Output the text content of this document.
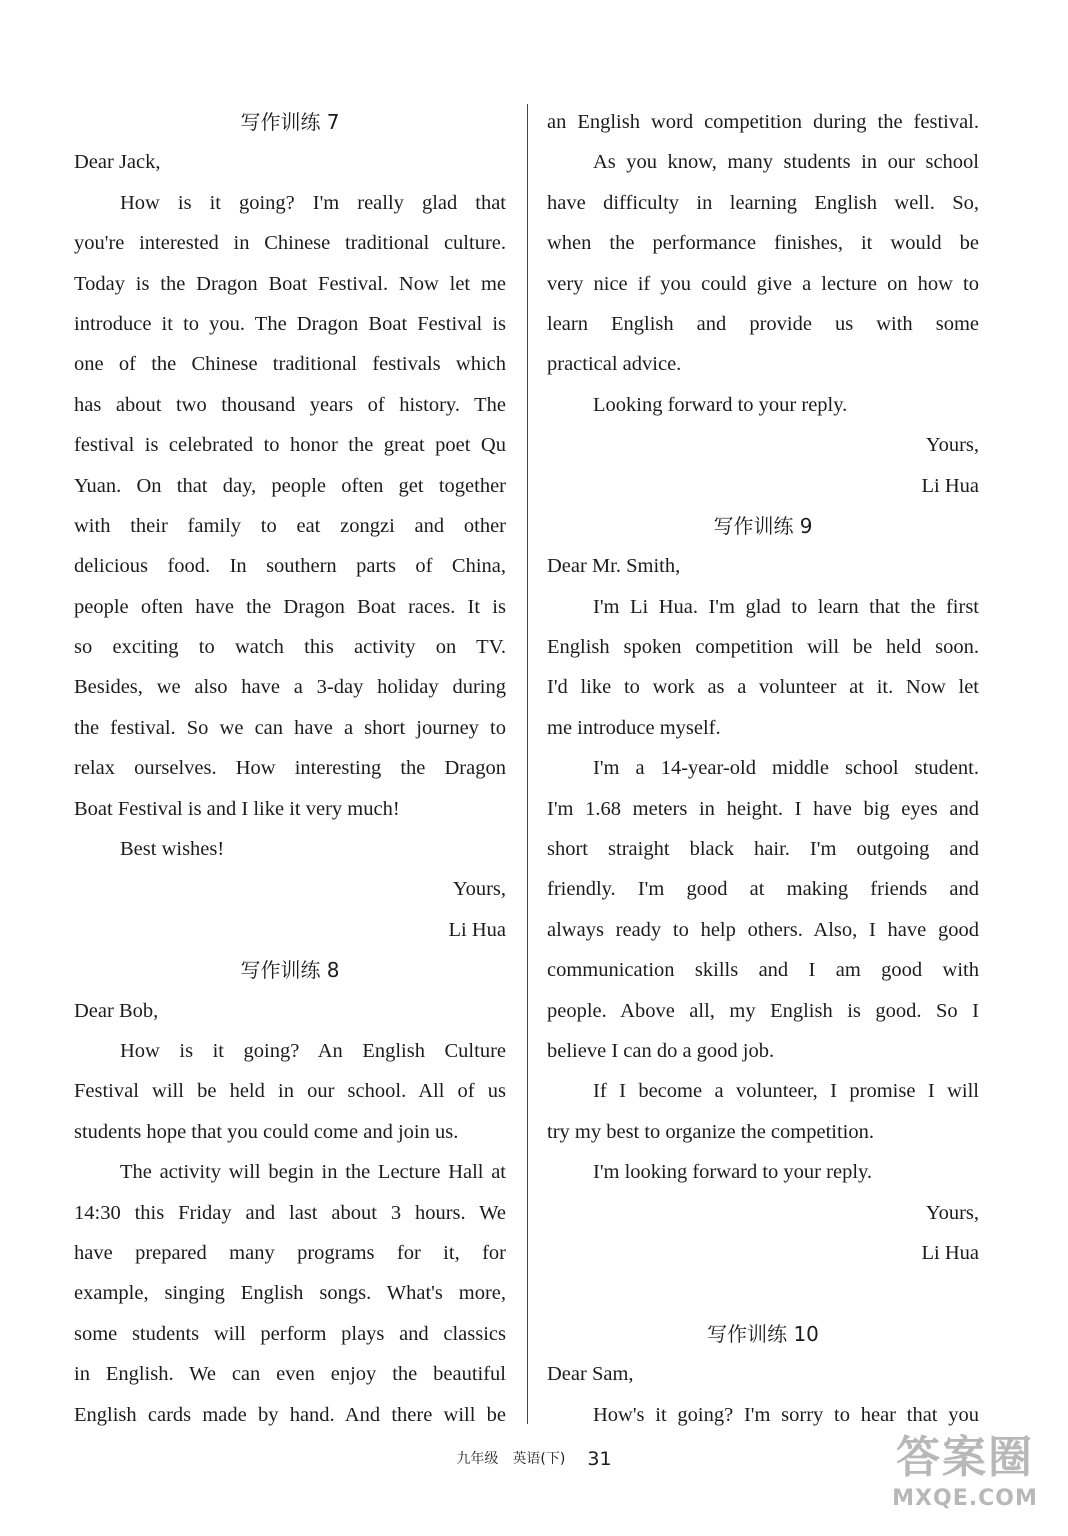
写作训练 7
Dear Jack,
How is it going? I'm really glad that
you're interested in Chinese traditional culture.
Today is the Dragon Boat Festival. Now let me
introduce it to you. The Dragon Boat Festival is
one of the Chinese traditional festivals which
has about two thousand years of history. The
festival is celebrated to honor the great poet Qu
Yuan. On that day, people often get together
with their family to eat zongzi and other
delicious food. In southern parts of China,
people often have the Dragon Boat races. It is
so exciting to watch this activity on TV.
Besides, we also have a 3-day holiday during
the festival. So we can have a short journey to
relax ourselves. How interesting the Dragon
Boat Festival is and I like it very much!
Best wishes!
Yours,
Li Hua
写作训练 8
Dear Bob,
How is it going? An English Culture
Festival will be held in our school. All of us
students hope that you could come and join us.
The activity will begin in the Lecture Hall at
14:30 this Friday and last about 3 hours. We
have prepared many programs for it, for
example, singing English songs. What's more,
some students will perform plays and classics
in English. We can even enjoy the beautiful
English cards made by hand. And there will be
an English word competition during the festival.
As you know, many students in our school
have difficulty in learning English well. So,
when the performance finishes, it would be
very nice if you could give a lecture on how to
learn English and provide us with some
practical advice.
Looking forward to your reply.
Yours,
Li Hua
写作训练 9
Dear Mr. Smith,
I'm Li Hua. I'm glad to learn that the first
English spoken competition will be held soon.
I'd like to work as a volunteer at it. Now let
me introduce myself.
I'm a 14-year-old middle school student.
I'm 1.68 meters in height. I have big eyes and
short straight black hair. I'm outgoing and
friendly. I'm good at making friends and
always ready to help others. Also, I have good
communication skills and I am good with
people. Above all, my English is good. So I
believe I can do a good job.
If I become a volunteer, I promise I will
try my best to organize the competition.
I'm looking forward to your reply.
Yours,
Li Hua
写作训练 10
Dear Sam,
How's it going? I'm sorry to hear that you
九年级 英语(下) 31	答案圈
MXQE.COM
